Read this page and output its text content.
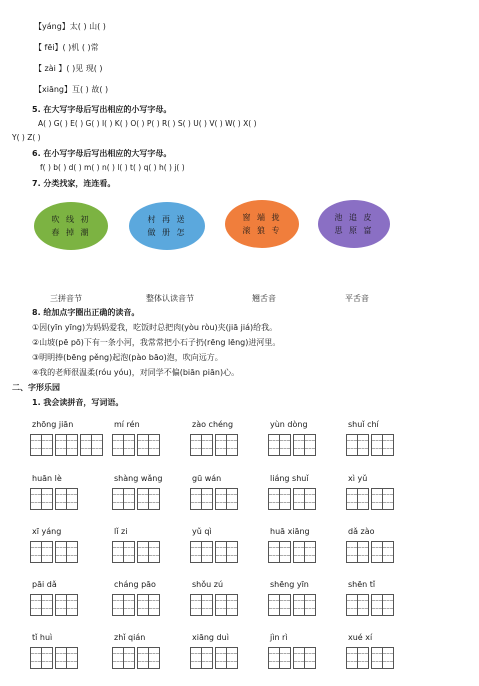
【yáng】太( ) 山( )
【 fēi】( )机 ( )常
【 zài 】( )见 现( )
【xiāng】互( ) 故( )
5. 在大写字母后写出相应的小写字母。
A( ) G( ) E( ) G( ) I( ) K( ) O( ) P( ) R( ) S( ) U( ) V( ) W( ) X( )
Y( ) Z( )
6. 在小写字母后写出相应的大写字母。
f( ) b( ) d( ) m( ) n( ) l( ) t( ) q( ) h( ) j( )
7. 分类找家，连连看。
吹 线 初 春 掉 潮
村 再 送 做 册 怎
窗 端 拢 滚 狼 专
池 追 皮 思 原 富
三拼音节	整体认读音节	翘舌音	平舌音
8. 给加点字圈出正确的读音。
①因(yīn yīng)为妈妈爱我，吃饭时总把肉(yòu ròu)夹(jiā jiá)给我。
②山坡(pē pō)下有一条小河，我常常把小石子扔(rēng lēng)进河里。
③明明捧(bēng pěng)起泡(pào bāo)泡，吹向远方。
④我的老师很温柔(róu yóu)，对同学不偏(biān piān)心。
二、字形乐园
1. 我会读拼音，写词语。
zhōng jiān	mí rén	zào chéng	yùn dòng	shuǐ chí
huān lè	shàng wǎng	gū wán	liáng shuǐ	xì yǔ
xī yáng	lǐ zi	yǔ qì	huā xiāng	dǎ zào
pāi dǎ	cháng pāo	shǒu zú	shēng yīn	shēn tǐ
tǐ huì	zhǐ qián	xiāng duì	jìn rì	xué xí
